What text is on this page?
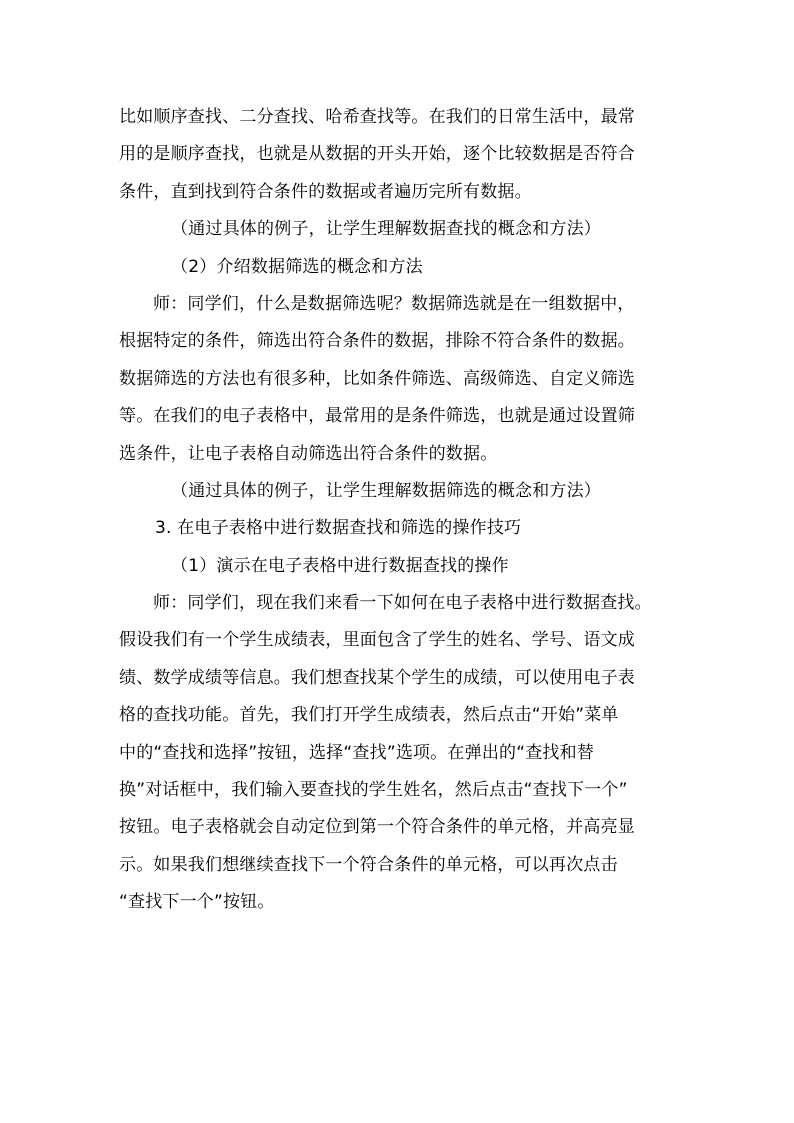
比如顺序查找、二分查找、哈希查找等。在我们的日常生活中，最常
用的是顺序查找，也就是从数据的开头开始，逐个比较数据是否符合
条件，直到找到符合条件的数据或者遍历完所有数据。
（通过具体的例子，让学生理解数据查找的概念和方法）
（2）介绍数据筛选的概念和方法
师：同学们，什么是数据筛选呢？数据筛选就是在一组数据中，
根据特定的条件，筛选出符合条件的数据，排除不符合条件的数据。
数据筛选的方法也有很多种，比如条件筛选、高级筛选、自定义筛选
等。在我们的电子表格中，最常用的是条件筛选，也就是通过设置筛
选条件，让电子表格自动筛选出符合条件的数据。
（通过具体的例子，让学生理解数据筛选的概念和方法）
3. 在电子表格中进行数据查找和筛选的操作技巧
（1）演示在电子表格中进行数据查找的操作
师：同学们，现在我们来看一下如何在电子表格中进行数据查找。
假设我们有一个学生成绩表，里面包含了学生的姓名、学号、语文成
绩、数学成绩等信息。我们想查找某个学生的成绩，可以使用电子表
格的查找功能。首先，我们打开学生成绩表，然后点击“开始”菜单
中的“查找和选择”按钮，选择“查找”选项。在弹出的“查找和替
换”对话框中，我们输入要查找的学生姓名，然后点击“查找下一个”
按钮。电子表格就会自动定位到第一个符合条件的单元格，并高亮显
示。如果我们想继续查找下一个符合条件的单元格，可以再次点击
“查找下一个”按钮。
